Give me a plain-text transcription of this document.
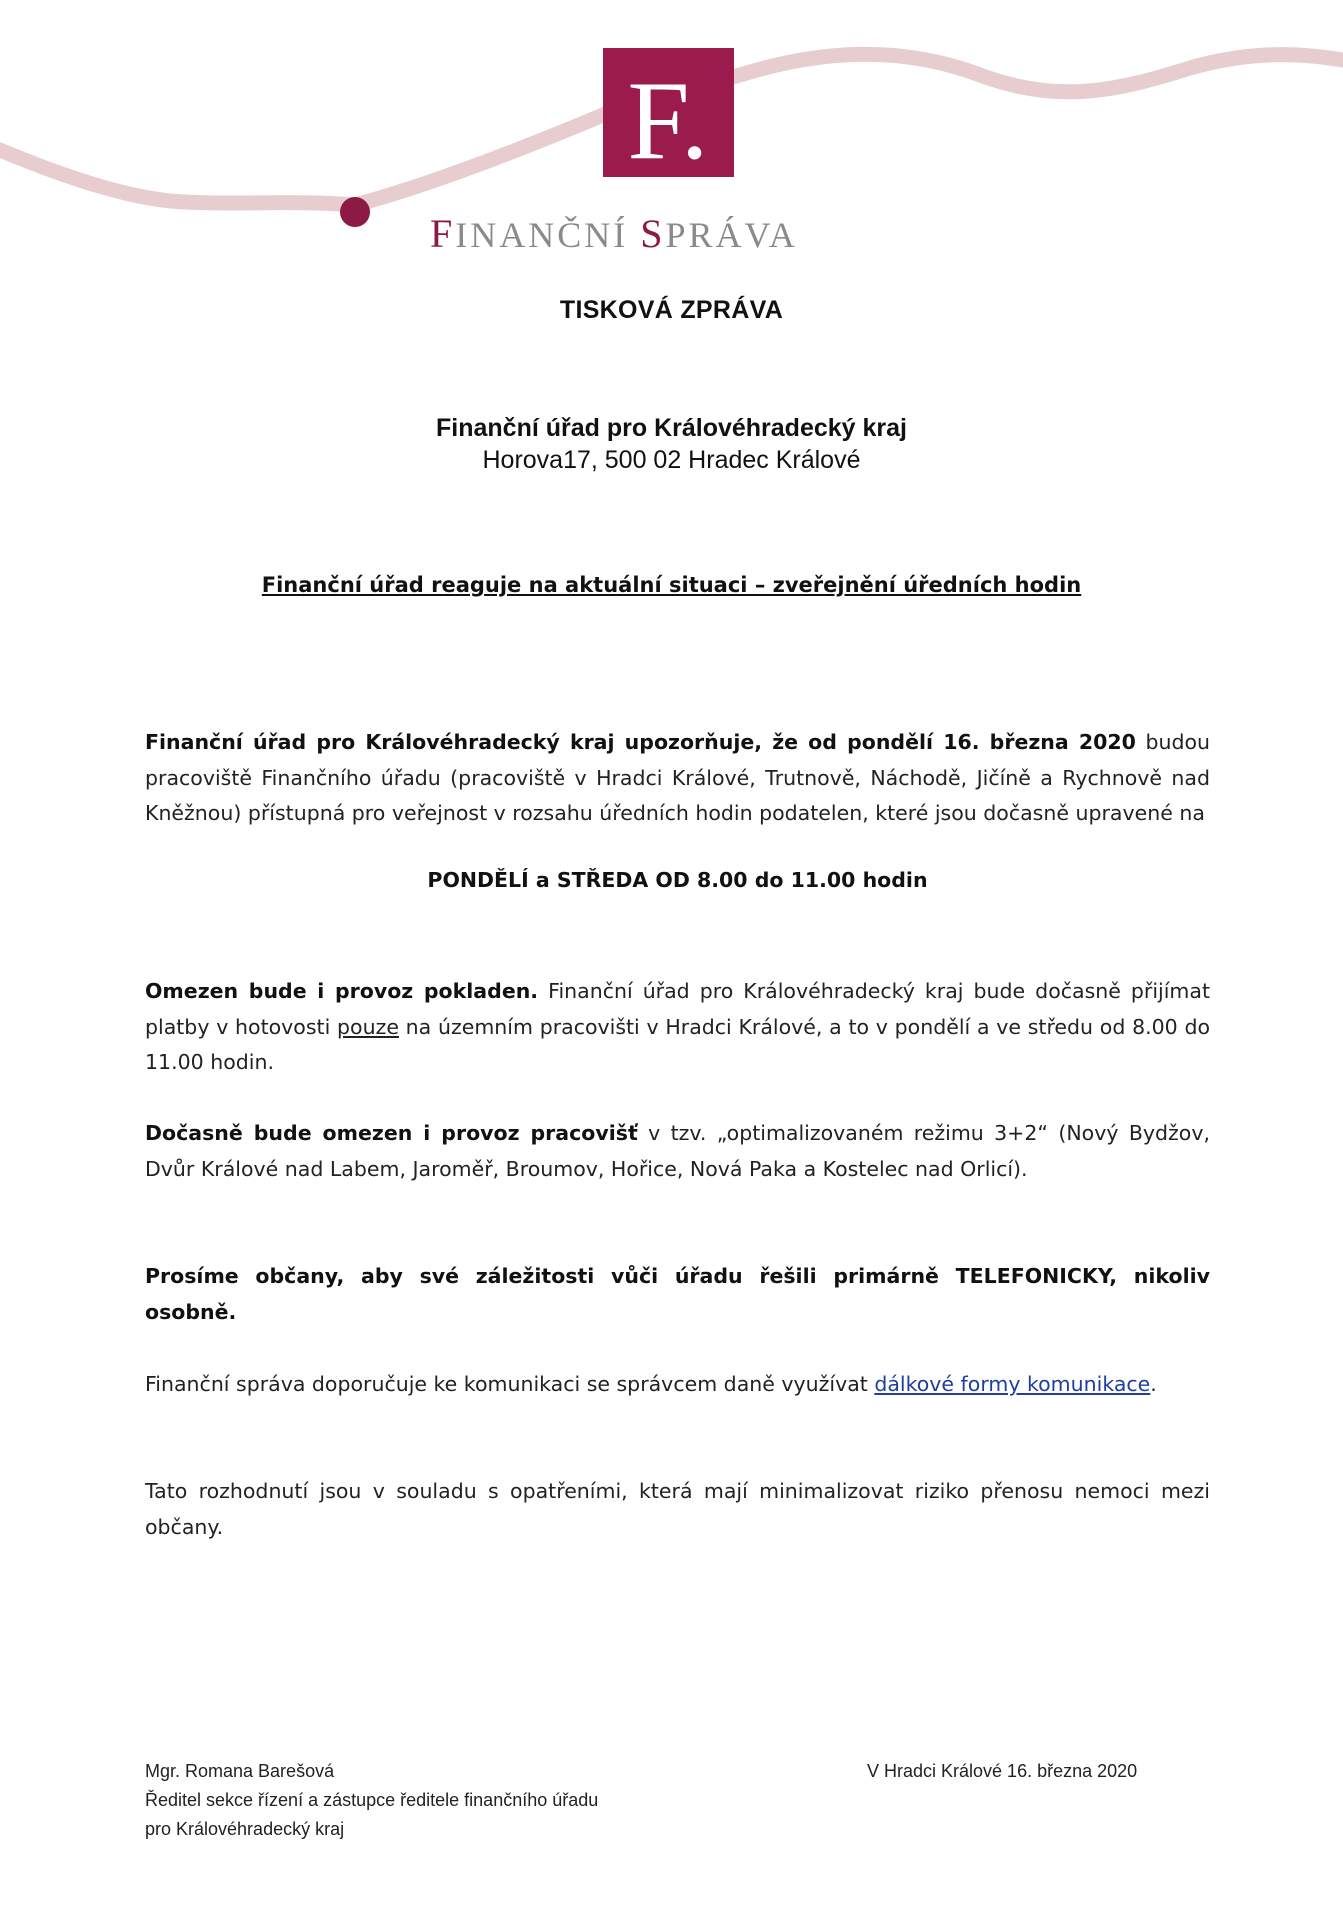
F.
FINANČNÍ SPRÁVA
TISKOVÁ ZPRÁVA
Finanční úřad pro Královéhradecký kraj
Horova17, 500 02 Hradec Králové
Finanční úřad reaguje na aktuální situaci – zveřejnění úředních hodin
Finanční úřad pro Královéhradecký kraj upozorňuje, že od pondělí 16. března 2020 budou pracoviště Finančního úřadu (pracoviště v Hradci Králové, Trutnově, Náchodě, Jičíně a Rychnově nad Kněžnou) přístupná pro veřejnost v rozsahu úředních hodin podatelen, které jsou dočasně upravené na
PONDĚLÍ a STŘEDA OD 8.00 do 11.00 hodin
Omezen bude i provoz pokladen. Finanční úřad pro Královéhradecký kraj bude dočasně přijímat platby v hotovosti pouze na územním pracovišti v Hradci Králové, a to v pondělí a ve středu od 8.00 do 11.00 hodin.
Dočasně bude omezen i provoz pracovišť v tzv. „optimalizovaném režimu 3+2“ (Nový Bydžov, Dvůr Králové nad Labem, Jaroměř, Broumov, Hořice, Nová Paka a Kostelec nad Orlicí).
Prosíme občany, aby své záležitosti vůči úřadu řešili primárně TELEFONICKY, nikoliv osobně.
Finanční správa doporučuje ke komunikaci se správcem daně využívat dálkové formy komunikace.
Tato rozhodnutí jsou v souladu s opatřeními, která mají minimalizovat riziko přenosu nemoci mezi občany.
Mgr. Romana Barešová
Ředitel sekce řízení a zástupce ředitele finančního úřadu
pro Královéhradecký kraj
V Hradci Králové 16. března 2020
